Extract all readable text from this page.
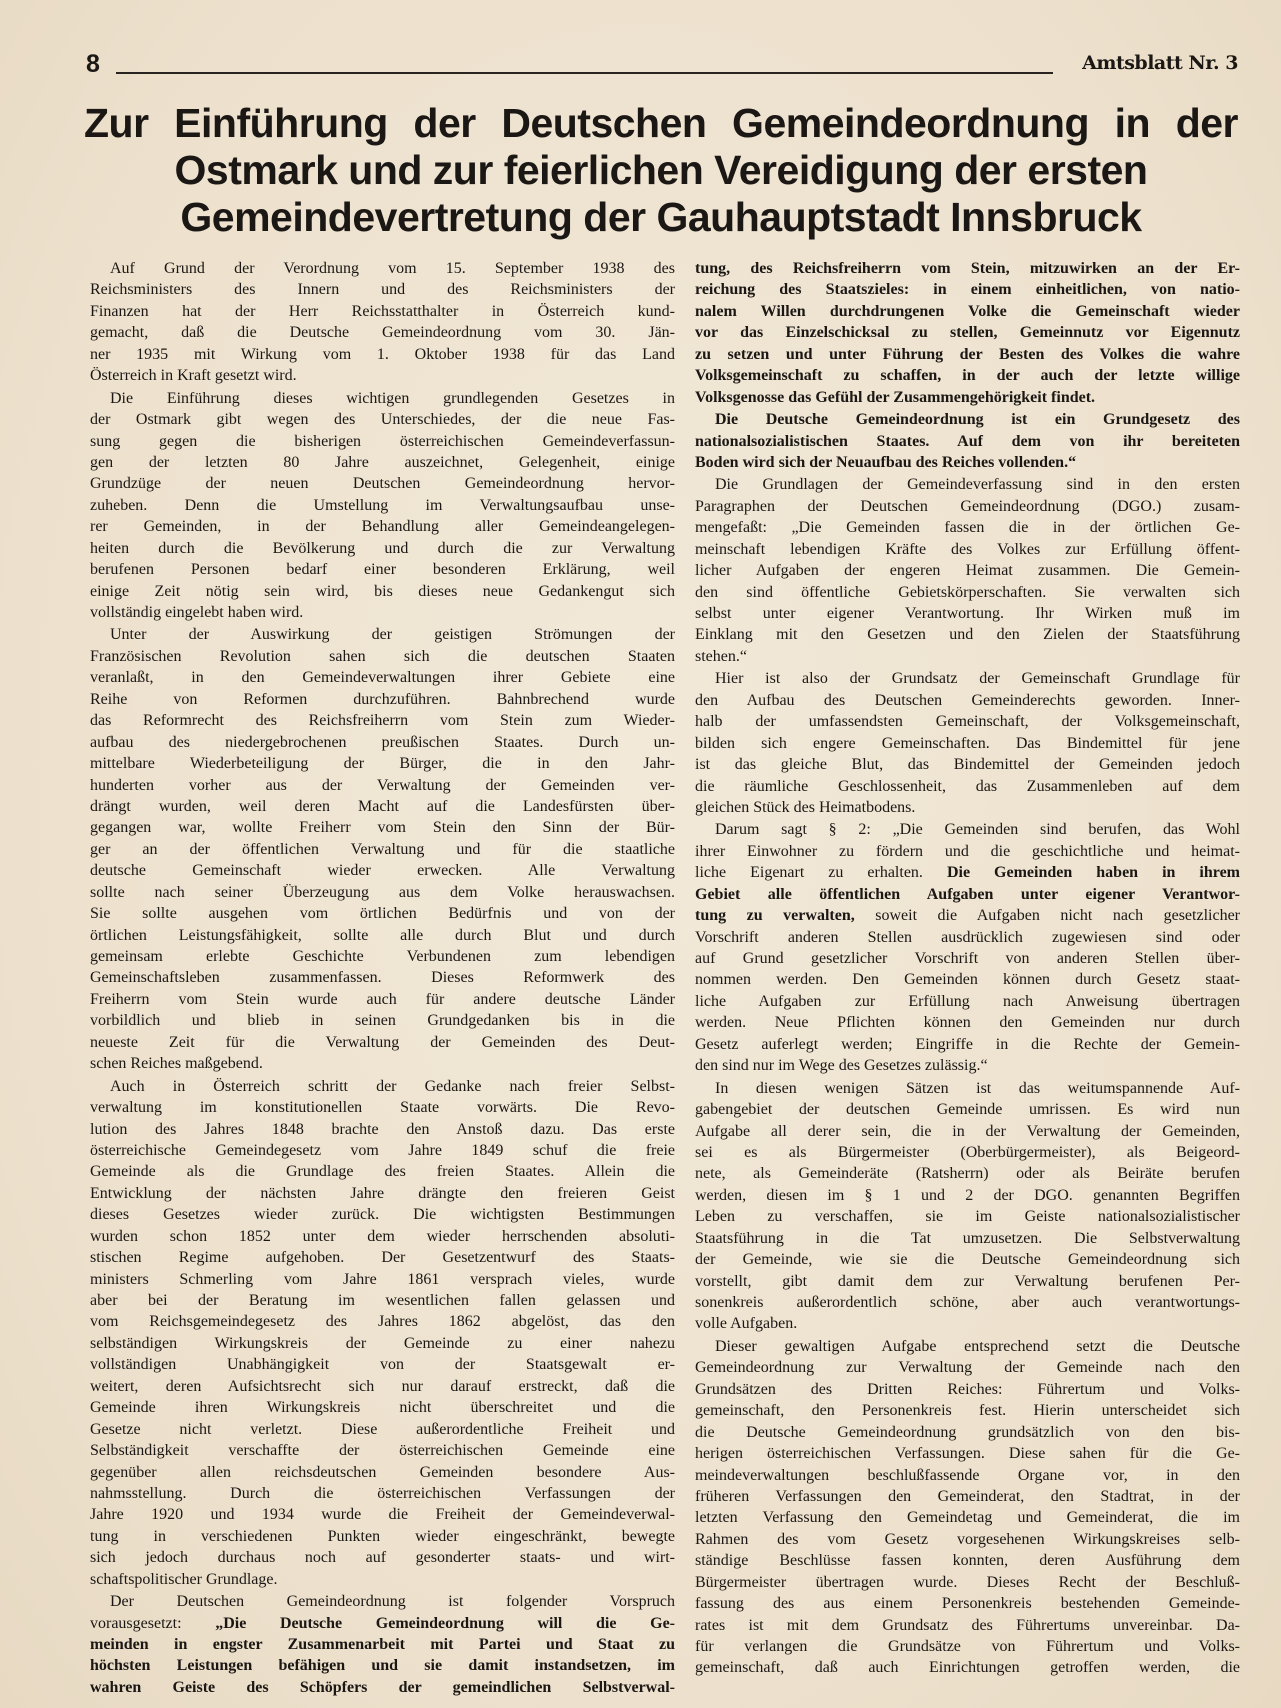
8	Amtsblatt Nr. 3
Zur Einführung der Deutschen Gemeindeordnung in der
Ostmark und zur feierlichen Vereidigung der ersten
Gemeindevertretung der Gauhauptstadt Innsbruck
Auf Grund der Verordnung vom 15. September 1938 des
Reichsministers des Innern und des Reichsministers der
Finanzen hat der Herr Reichsstatthalter in Österreich kund-
gemacht, daß die Deutsche Gemeindeordnung vom 30. Jän-
ner 1935 mit Wirkung vom 1. Oktober 1938 für das Land
Österreich in Kraft gesetzt wird.
Die Einführung dieses wichtigen grundlegenden Gesetzes in
der Ostmark gibt wegen des Unterschiedes, der die neue Fas-
sung gegen die bisherigen österreichischen Gemeindeverfassun-
gen der letzten 80 Jahre auszeichnet, Gelegenheit, einige
Grundzüge der neuen Deutschen Gemeindeordnung hervor-
zuheben. Denn die Umstellung im Verwaltungsaufbau unse-
rer Gemeinden, in der Behandlung aller Gemeindeangelegen-
heiten durch die Bevölkerung und durch die zur Verwaltung
berufenen Personen bedarf einer besonderen Erklärung, weil
einige Zeit nötig sein wird, bis dieses neue Gedankengut sich
vollständig eingelebt haben wird.
Unter der Auswirkung der geistigen Strömungen der
Französischen Revolution sahen sich die deutschen Staaten
veranlaßt, in den Gemeindeverwaltungen ihrer Gebiete eine
Reihe von Reformen durchzuführen. Bahnbrechend wurde
das Reformrecht des Reichsfreiherrn vom Stein zum Wieder-
aufbau des niedergebrochenen preußischen Staates. Durch un-
mittelbare Wiederbeteiligung der Bürger, die in den Jahr-
hunderten vorher aus der Verwaltung der Gemeinden ver-
drängt wurden, weil deren Macht auf die Landesfürsten über-
gegangen war, wollte Freiherr vom Stein den Sinn der Bür-
ger an der öffentlichen Verwaltung und für die staatliche
deutsche Gemeinschaft wieder erwecken. Alle Verwaltung
sollte nach seiner Überzeugung aus dem Volke herauswachsen.
Sie sollte ausgehen vom örtlichen Bedürfnis und von der
örtlichen Leistungsfähigkeit, sollte alle durch Blut und durch
gemeinsam erlebte Geschichte Verbundenen zum lebendigen
Gemeinschaftsleben zusammenfassen. Dieses Reformwerk des
Freiherrn vom Stein wurde auch für andere deutsche Länder
vorbildlich und blieb in seinen Grundgedanken bis in die
neueste Zeit für die Verwaltung der Gemeinden des Deut-
schen Reiches maßgebend.
Auch in Österreich schritt der Gedanke nach freier Selbst-
verwaltung im konstitutionellen Staate vorwärts. Die Revo-
lution des Jahres 1848 brachte den Anstoß dazu. Das erste
österreichische Gemeindegesetz vom Jahre 1849 schuf die freie
Gemeinde als die Grundlage des freien Staates. Allein die
Entwicklung der nächsten Jahre drängte den freieren Geist
dieses Gesetzes wieder zurück. Die wichtigsten Bestimmungen
wurden schon 1852 unter dem wieder herrschenden absoluti-
stischen Regime aufgehoben. Der Gesetzentwurf des Staats-
ministers Schmerling vom Jahre 1861 versprach vieles, wurde
aber bei der Beratung im wesentlichen fallen gelassen und
vom Reichsgemeindegesetz des Jahres 1862 abgelöst, das den
selbständigen Wirkungskreis der Gemeinde zu einer nahezu
vollständigen Unabhängigkeit von der Staatsgewalt er-
weitert, deren Aufsichtsrecht sich nur darauf erstreckt, daß die
Gemeinde ihren Wirkungskreis nicht überschreitet und die
Gesetze nicht verletzt. Diese außerordentliche Freiheit und
Selbständigkeit verschaffte der österreichischen Gemeinde eine
gegenüber allen reichsdeutschen Gemeinden besondere Aus-
nahmsstellung. Durch die österreichischen Verfassungen der
Jahre 1920 und 1934 wurde die Freiheit der Gemeindeverwal-
tung in verschiedenen Punkten wieder eingeschränkt, bewegte
sich jedoch durchaus noch auf gesonderter staats- und wirt-
schaftspolitischer Grundlage.
Der Deutschen Gemeindeordnung ist folgender Vorspruch
vorausgesetzt: „Die Deutsche Gemeindeordnung will die Ge-
meinden in engster Zusammenarbeit mit Partei und Staat zu
höchsten Leistungen befähigen und sie damit instandsetzen, im
wahren Geiste des Schöpfers der gemeindlichen Selbstverwal-
tung, des Reichsfreiherrn vom Stein, mitzuwirken an der Er-
reichung des Staatszieles: in einem einheitlichen, von natio-
nalem Willen durchdrungenen Volke die Gemeinschaft wieder
vor das Einzelschicksal zu stellen, Gemeinnutz vor Eigennutz
zu setzen und unter Führung der Besten des Volkes die wahre
Volksgemeinschaft zu schaffen, in der auch der letzte willige
Volksgenosse das Gefühl der Zusammengehörigkeit findet.
Die Deutsche Gemeindeordnung ist ein Grundgesetz des
nationalsozialistischen Staates. Auf dem von ihr bereiteten
Boden wird sich der Neuaufbau des Reiches vollenden.“
Die Grundlagen der Gemeindeverfassung sind in den ersten
Paragraphen der Deutschen Gemeindeordnung (DGO.) zusam-
mengefaßt: „Die Gemeinden fassen die in der örtlichen Ge-
meinschaft lebendigen Kräfte des Volkes zur Erfüllung öffent-
licher Aufgaben der engeren Heimat zusammen. Die Gemein-
den sind öffentliche Gebietskörperschaften. Sie verwalten sich
selbst unter eigener Verantwortung. Ihr Wirken muß im
Einklang mit den Gesetzen und den Zielen der Staatsführung
stehen.“
Hier ist also der Grundsatz der Gemeinschaft Grundlage für
den Aufbau des Deutschen Gemeinderechts geworden. Inner-
halb der umfassendsten Gemeinschaft, der Volksgemeinschaft,
bilden sich engere Gemeinschaften. Das Bindemittel für jene
ist das gleiche Blut, das Bindemittel der Gemeinden jedoch
die räumliche Geschlossenheit, das Zusammenleben auf dem
gleichen Stück des Heimatbodens.
Darum sagt § 2: „Die Gemeinden sind berufen, das Wohl
ihrer Einwohner zu fördern und die geschichtliche und heimat-
liche Eigenart zu erhalten. Die Gemeinden haben in ihrem
Gebiet alle öffentlichen Aufgaben unter eigener Verantwor-
tung zu verwalten, soweit die Aufgaben nicht nach gesetzlicher
Vorschrift anderen Stellen ausdrücklich zugewiesen sind oder
auf Grund gesetzlicher Vorschrift von anderen Stellen über-
nommen werden. Den Gemeinden können durch Gesetz staat-
liche Aufgaben zur Erfüllung nach Anweisung übertragen
werden. Neue Pflichten können den Gemeinden nur durch
Gesetz auferlegt werden; Eingriffe in die Rechte der Gemein-
den sind nur im Wege des Gesetzes zulässig.“
In diesen wenigen Sätzen ist das weitumspannende Auf-
gabengebiet der deutschen Gemeinde umrissen. Es wird nun
Aufgabe all derer sein, die in der Verwaltung der Gemeinden,
sei es als Bürgermeister (Oberbürgermeister), als Beigeord-
nete, als Gemeinderäte (Ratsherrn) oder als Beiräte berufen
werden, diesen im § 1 und 2 der DGO. genannten Begriffen
Leben zu verschaffen, sie im Geiste nationalsozialistischer
Staatsführung in die Tat umzusetzen. Die Selbstverwaltung
der Gemeinde, wie sie die Deutsche Gemeindeordnung sich
vorstellt, gibt damit dem zur Verwaltung berufenen Per-
sonenkreis außerordentlich schöne, aber auch verantwortungs-
volle Aufgaben.
Dieser gewaltigen Aufgabe entsprechend setzt die Deutsche
Gemeindeordnung zur Verwaltung der Gemeinde nach den
Grundsätzen des Dritten Reiches: Führertum und Volks-
gemeinschaft, den Personenkreis fest. Hierin unterscheidet sich
die Deutsche Gemeindeordnung grundsätzlich von den bis-
herigen österreichischen Verfassungen. Diese sahen für die Ge-
meindeverwaltungen beschlußfassende Organe vor, in den
früheren Verfassungen den Gemeinderat, den Stadtrat, in der
letzten Verfassung den Gemeindetag und Gemeinderat, die im
Rahmen des vom Gesetz vorgesehenen Wirkungskreises selb-
ständige Beschlüsse fassen konnten, deren Ausführung dem
Bürgermeister übertragen wurde. Dieses Recht der Beschluß-
fassung des aus einem Personenkreis bestehenden Gemeinde-
rates ist mit dem Grundsatz des Führertums unvereinbar. Da-
für verlangen die Grundsätze von Führertum und Volks-
gemeinschaft, daß auch Einrichtungen getroffen werden, die
